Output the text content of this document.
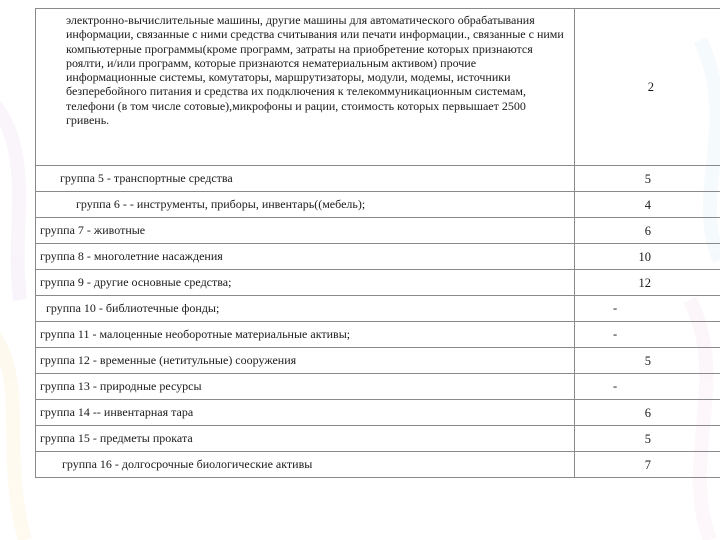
электронно-вычислительные машины, другие машины для автоматического обрабатывания информации, связанные с ними средства считывания или печати информации., связанные с ними компьютерные программы(кроме программ, затраты на приобретение которых признаются роялти, и/или программ, которые признаются нематериальным активом) прочие информационные системы, комутаторы, маршрутизаторы, модули, модемы, источники безперебойного питания и средства их подключения к телекоммуникационным системам, телефони (в том числе сотовые),микрофоны и рации, стоимость которых первышает 2500 гривень.	2

группа 5 - транспортные средства	5

группа 6 - - инструменты, приборы, инвентарь((мебель);	4

группа 7 - животные	6

группа 8 - многолетние насаждения	10

группа 9 - другие основные средства;	12

группа 10 - библиотечные фонды;	-

группа 11 - малоценные необоротные материальные активы;	-

группа 12 - временные (нетитульные) сооружения	5

группа 13 - природные ресурсы	-

группа 14 -- инвентарная тара	6

группа 15 - предметы проката	5

группа 16 - долгосрочные биологические активы	7
